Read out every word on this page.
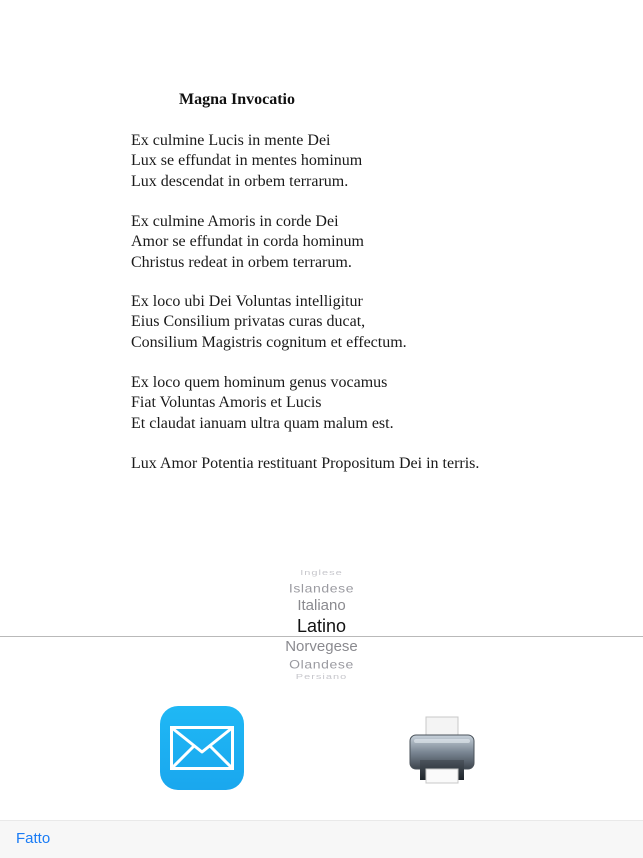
Magna Invocatio
Ex culmine Lucis in mente Dei
Lux se effundat in mentes hominum
Lux descendat in orbem terrarum.
Ex culmine Amoris in corde Dei
Amor se effundat in corda hominum
Christus redeat in orbem terrarum.
Ex loco ubi Dei Voluntas intelligitur
Eius Consilium privatas curas ducat,
Consilium Magistris cognitum et effectum.
Ex loco quem hominum genus vocamus
Fiat Voluntas Amoris et Lucis
Et claudat ianuam ultra quam malum est.
Lux Amor Potentia restituant Propositum Dei in terris.
Inglese
Islandese
Italiano
Latino
Norvegese
Olandese
Persiano
Fatto
